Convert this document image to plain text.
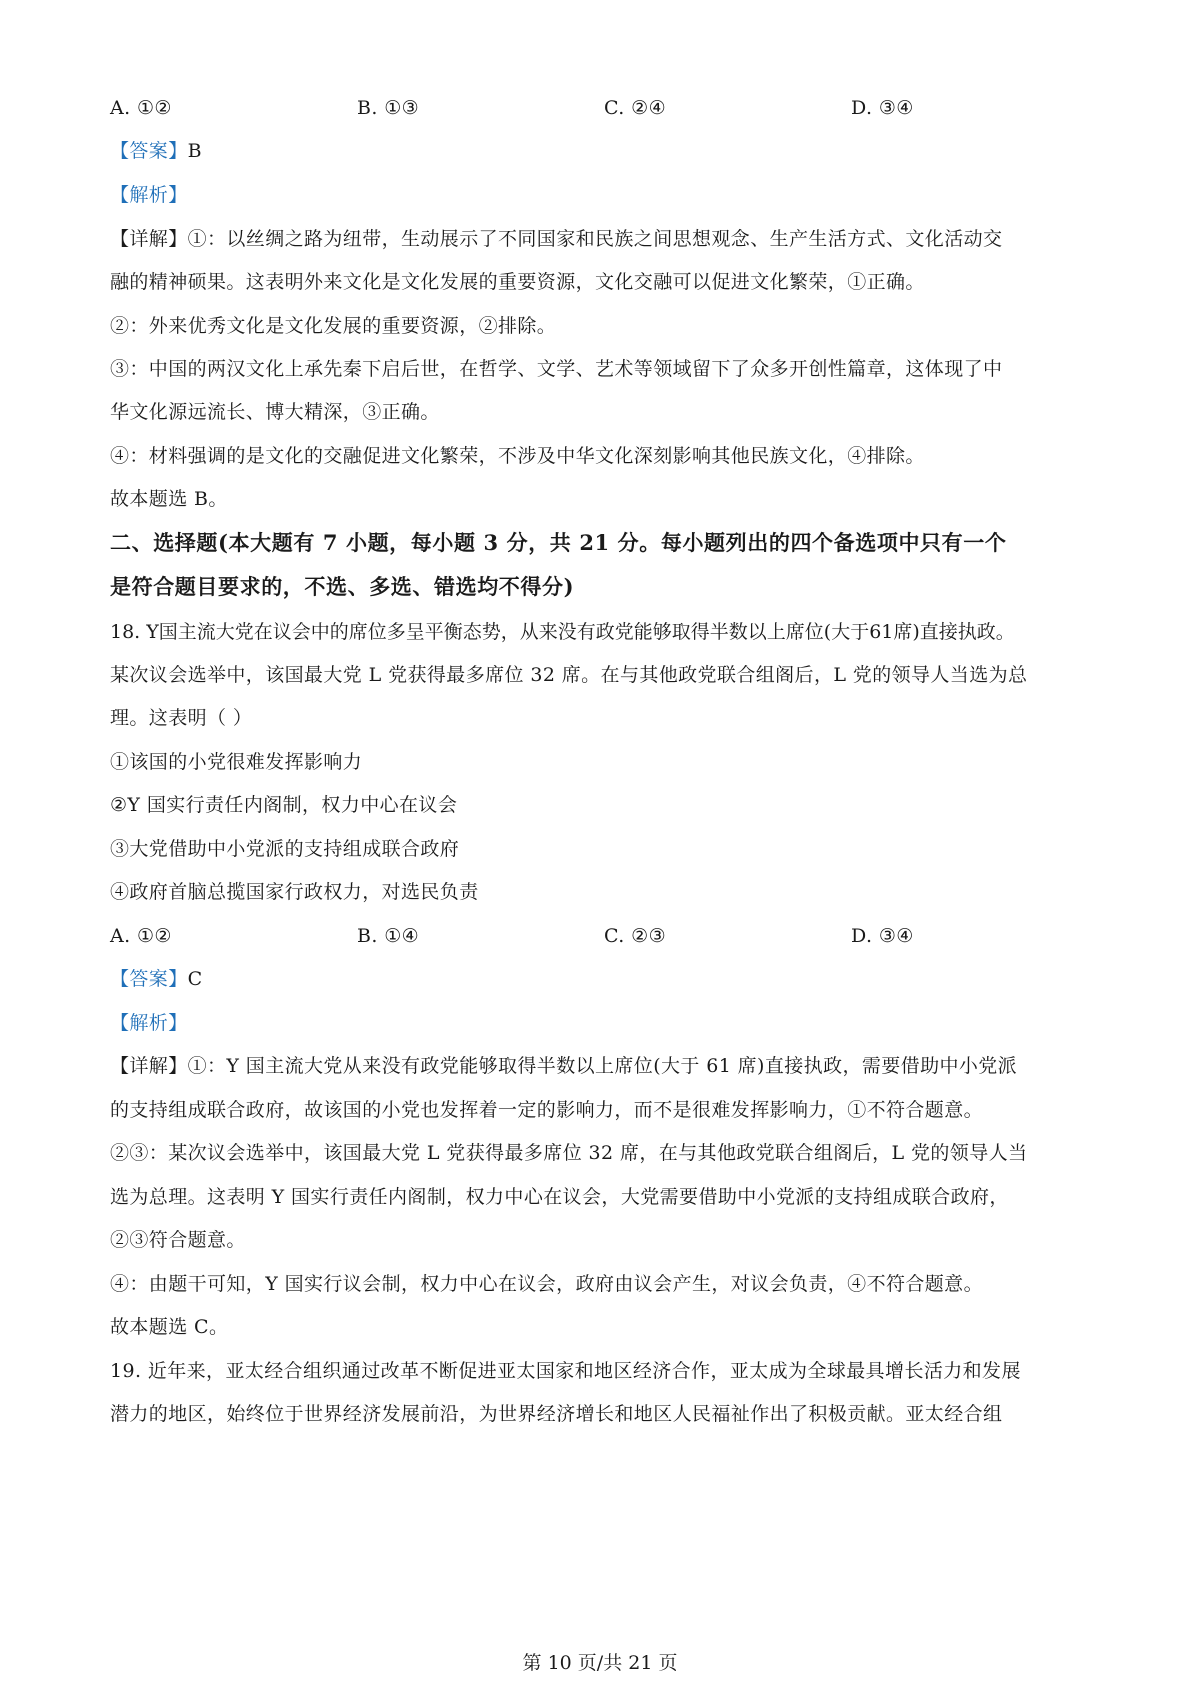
A. ①②	B. ①③	C. ②④	D. ③④
【答案】B
【解析】
【详解】①：以丝绸之路为纽带，生动展示了不同国家和民族之间思想观念、生产生活方式、文化活动交
融的精神硕果。这表明外来文化是文化发展的重要资源，文化交融可以促进文化繁荣，①正确。
②：外来优秀文化是文化发展的重要资源，②排除。
③：中国的两汉文化上承先秦下启后世，在哲学、文学、艺术等领域留下了众多开创性篇章，这体现了中
华文化源远流长、博大精深，③正确。
④：材料强调的是文化的交融促进文化繁荣，不涉及中华文化深刻影响其他民族文化，④排除。
故本题选 B。
二、选择题(本大题有 7 小题，每小题 3 分，共 21 分。每小题列出的四个备选项中只有一个
是符合题目要求的，不选、多选、错选均不得分)
18. Y国主流大党在议会中的席位多呈平衡态势，从来没有政党能够取得半数以上席位(大于61席)直接执政。
某次议会选举中，该国最大党 L 党获得最多席位 32 席。在与其他政党联合组阁后，L 党的领导人当选为总
理。这表明（ ）
①该国的小党很难发挥影响力
②Y 国实行责任内阁制，权力中心在议会
③大党借助中小党派的支持组成联合政府
④政府首脑总揽国家行政权力，对选民负责
A. ①②	B. ①④	C. ②③	D. ③④
【答案】C
【解析】
【详解】①：Y 国主流大党从来没有政党能够取得半数以上席位(大于 61 席)直接执政，需要借助中小党派
的支持组成联合政府，故该国的小党也发挥着一定的影响力，而不是很难发挥影响力，①不符合题意。
②③：某次议会选举中，该国最大党 L 党获得最多席位 32 席，在与其他政党联合组阁后，L 党的领导人当
选为总理。这表明 Y 国实行责任内阁制，权力中心在议会，大党需要借助中小党派的支持组成联合政府，
②③符合题意。
④：由题干可知，Y 国实行议会制，权力中心在议会，政府由议会产生，对议会负责，④不符合题意。
故本题选 C。
19. 近年来，亚太经合组织通过改革不断促进亚太国家和地区经济合作，亚太成为全球最具增长活力和发展
潜力的地区，始终位于世界经济发展前沿，为世界经济增长和地区人民福祉作出了积极贡献。亚太经合组
第 10 页/共 21 页
